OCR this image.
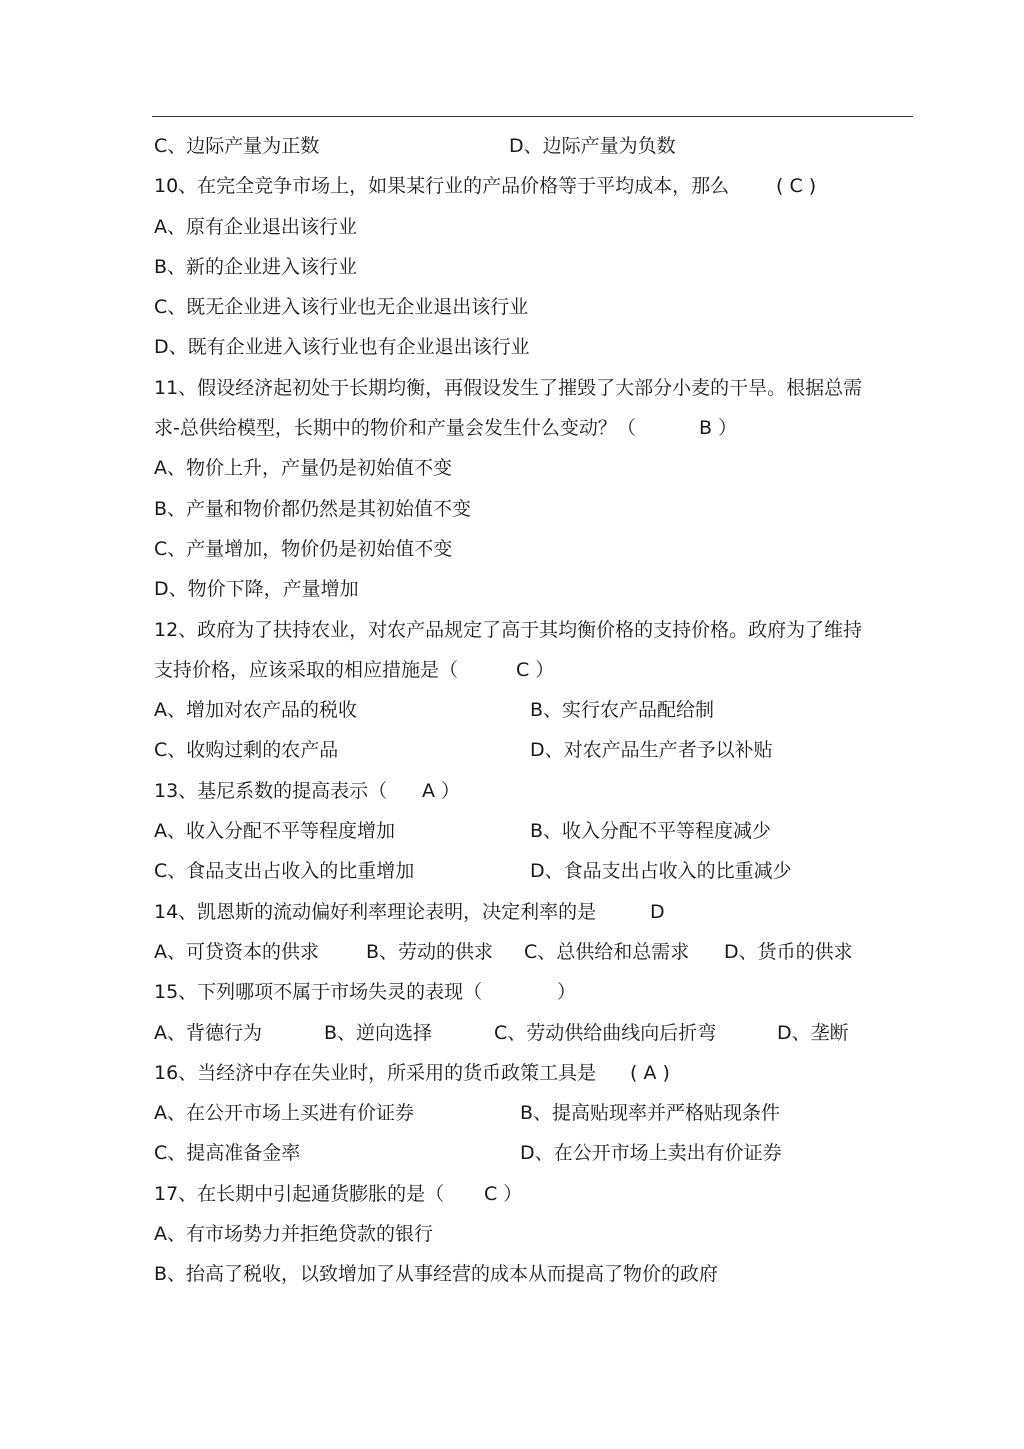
C、边际产量为正数	D、边际产量为负数
10、在完全竞争市场上，如果某行业的产品价格等于平均成本，那么 ( C )
A、原有企业退出该行业
B、新的企业进入该行业
C、既无企业进入该行业也无企业退出该行业
D、既有企业进入该行业也有企业退出该行业
11、假设经济起初处于长期均衡，再假设发生了摧毁了大部分小麦的干旱。根据总需
求-总供给模型，长期中的物价和产量会发生什么变动？（	B ）
A、物价上升，产量仍是初始值不变
B、产量和物价都仍然是其初始值不变
C、产量增加，物价仍是初始值不变
D、物价下降，产量增加
12、政府为了扶持农业，对农产品规定了高于其均衡价格的支持价格。政府为了维持
支持价格，应该采取的相应措施是（	C ）
A、增加对农产品的税收	B、实行农产品配给制
C、收购过剩的农产品	D、对农产品生产者予以补贴
13、基尼系数的提高表示（ A ）
A、收入分配不平等程度增加	B、收入分配不平等程度减少
C、食品支出占收入的比重增加	D、食品支出占收入的比重减少
14、凯恩斯的流动偏好利率理论表明，决定利率的是	D
A、可贷资本的供求 B、劳动的供求 C、总供给和总需求 D、货币的供求
15、下列哪项不属于市场失灵的表现（	）
A、背德行为	B、逆向选择	C、劳动供给曲线向后折弯	D、垄断
16、当经济中存在失业时，所采用的货币政策工具是 ( A )
A、在公开市场上买进有价证券	B、提高贴现率并严格贴现条件
C、提高准备金率	D、在公开市场上卖出有价证券
17、在长期中引起通货膨胀的是（ C ）
A、有市场势力并拒绝贷款的银行
B、抬高了税收，以致增加了从事经营的成本从而提高了物价的政府
